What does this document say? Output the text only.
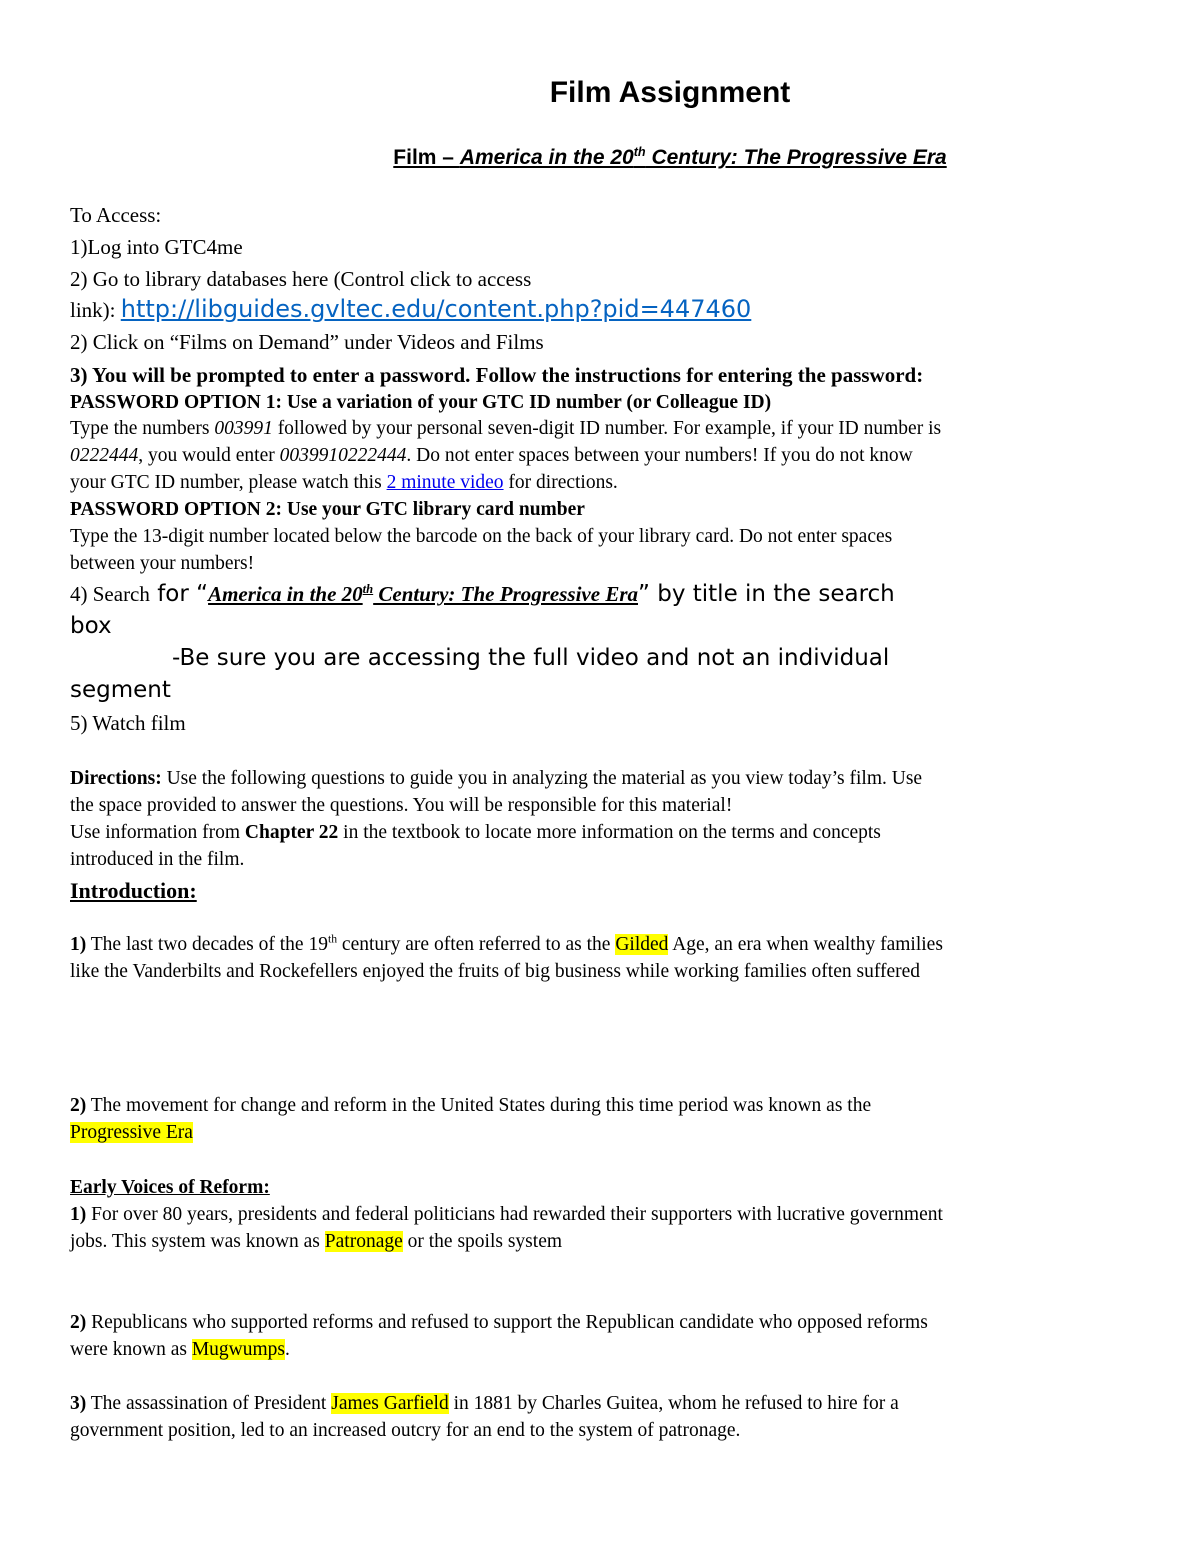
Film Assignment
Film – America in the 20th Century: The Progressive Era
To Access:
1)Log into GTC4me
2) Go to library databases here (Control click to access
link): http://libguides.gvltec.edu/content.php?pid=447460
2) Click on “Films on Demand” under Videos and Films
3) You will be prompted to enter a password. Follow the instructions for entering the password:
PASSWORD OPTION 1: Use a variation of your GTC ID number (or Colleague ID)
Type the numbers 003991 followed by your personal seven-digit ID number. For example, if your ID number is
0222444, you would enter 0039910222444. Do not enter spaces between your numbers! If you do not know
your GTC ID number, please watch this 2 minute video for directions.
PASSWORD OPTION 2: Use your GTC library card number
Type the 13-digit number located below the barcode on the back of your library card. Do not enter spaces
between your numbers!
4) Search for “America in the 20th Century: The Progressive Era” by title in the search
box
-Be sure you are accessing the full video and not an individual
segment
5) Watch film
Directions: Use the following questions to guide you in analyzing the material as you view today’s film. Use
the space provided to answer the questions. You will be responsible for this material!
Use information from Chapter 22 in the textbook to locate more information on the terms and concepts
introduced in the film.
Introduction:
1) The last two decades of the 19th century are often referred to as the Gilded Age, an era when wealthy families
like the Vanderbilts and Rockefellers enjoyed the fruits of big business while working families often suffered
2) The movement for change and reform in the United States during this time period was known as the
Progressive Era
Early Voices of Reform:
1) For over 80 years, presidents and federal politicians had rewarded their supporters with lucrative government
jobs. This system was known as Patronage or the spoils system
2) Republicans who supported reforms and refused to support the Republican candidate who opposed reforms
were known as Mugwumps.
3) The assassination of President James Garfield in 1881 by Charles Guitea, whom he refused to hire for a
government position, led to an increased outcry for an end to the system of patronage.
